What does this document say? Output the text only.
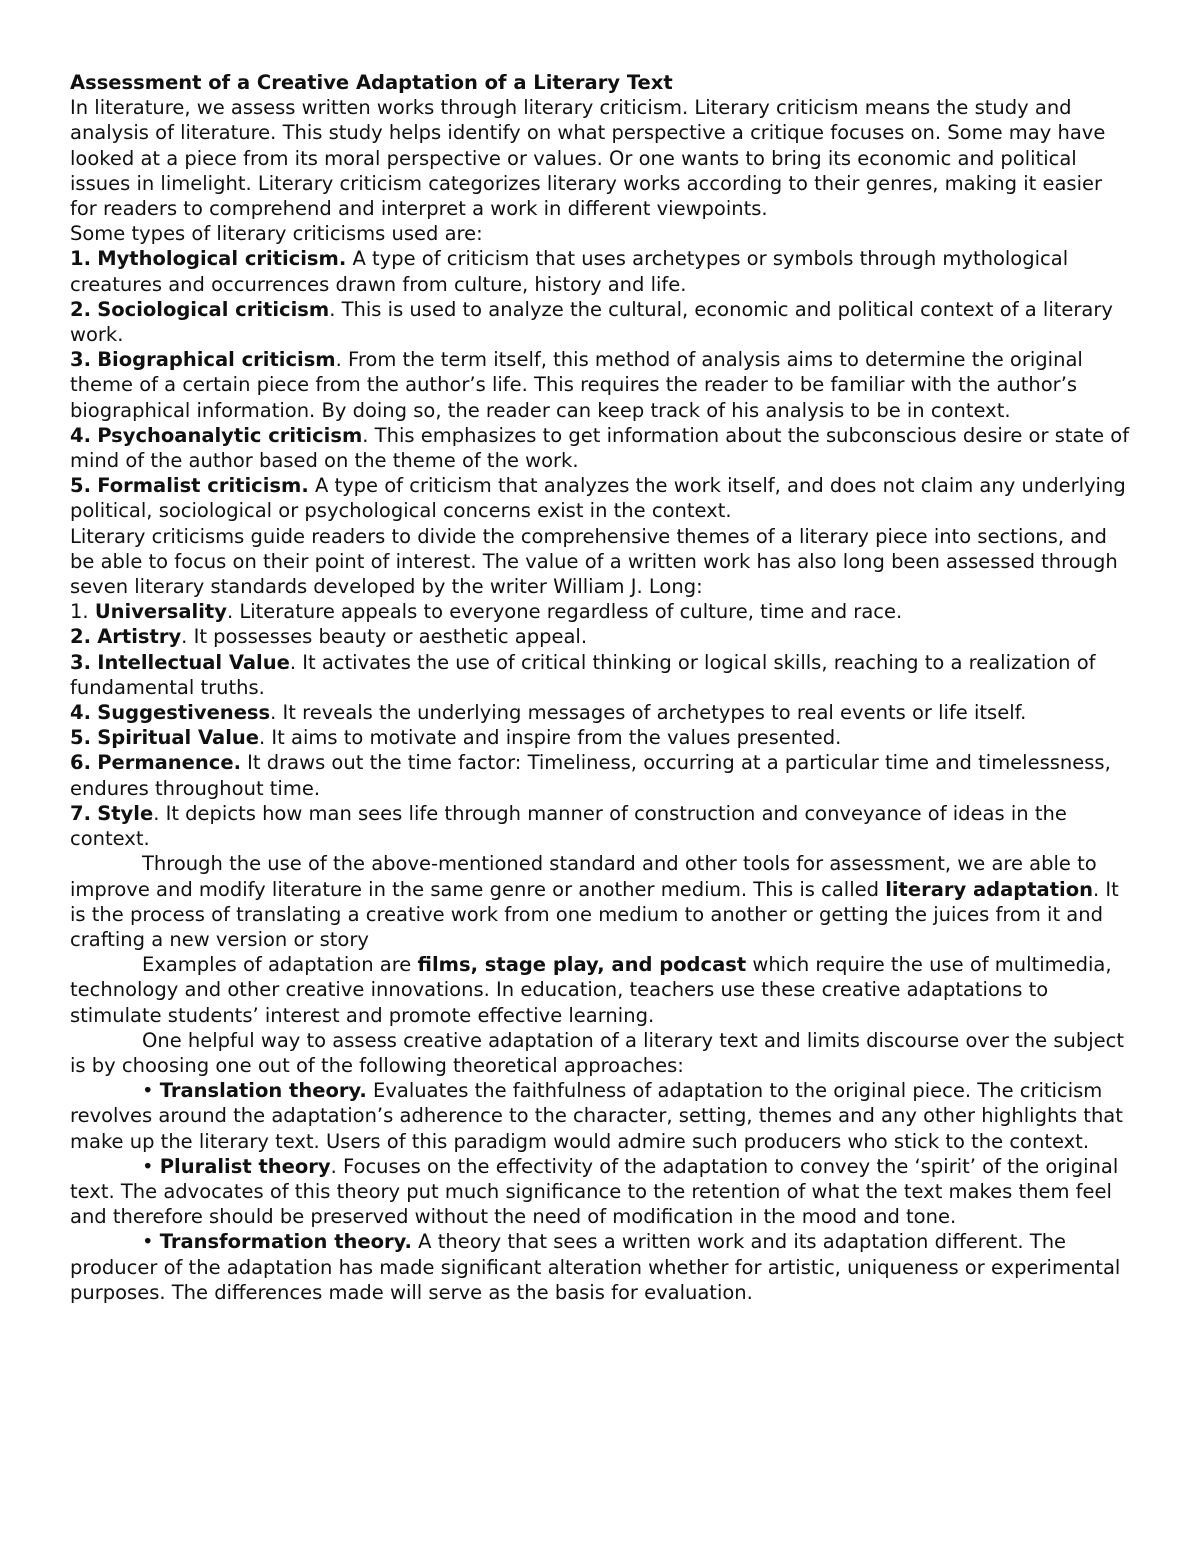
Assessment of a Creative Adaptation of a Literary Text

In literature, we assess written works through literary criticism. Literary criticism means the study and analysis of literature. This study helps identify on what perspective a critique focuses on. Some may have looked at a piece from its moral perspective or values. Or one wants to bring its economic and political issues in limelight. Literary criticism categorizes literary works according to their genres, making it easier for readers to comprehend and interpret a work in different viewpoints.

Some types of literary criticisms used are:

1. Mythological criticism. A type of criticism that uses archetypes or symbols through mythological creatures and occurrences drawn from culture, history and life.

2. Sociological criticism. This is used to analyze the cultural, economic and political context of a literary work.

3. Biographical criticism. From the term itself, this method of analysis aims to determine the original theme of a certain piece from the author’s life. This requires the reader to be familiar with the author’s biographical information. By doing so, the reader can keep track of his analysis to be in context.

4. Psychoanalytic criticism. This emphasizes to get information about the subconscious desire or state of mind of the author based on the theme of the work.

5. Formalist criticism. A type of criticism that analyzes the work itself, and does not claim any underlying political, sociological or psychological concerns exist in the context.

Literary criticisms guide readers to divide the comprehensive themes of a literary piece into sections, and be able to focus on their point of interest. The value of a written work has also long been assessed through seven literary standards developed by the writer William J. Long:

1. Universality. Literature appeals to everyone regardless of culture, time and race.

2. Artistry. It possesses beauty or aesthetic appeal.

3. Intellectual Value. It activates the use of critical thinking or logical skills, reaching to a realization of fundamental truths.

4. Suggestiveness. It reveals the underlying messages of archetypes to real events or life itself.

5. Spiritual Value. It aims to motivate and inspire from the values presented.

6. Permanence. It draws out the time factor: Timeliness, occurring at a particular time and timelessness, endures throughout time.

7. Style. It depicts how man sees life through manner of construction and conveyance of ideas in the context.

Through the use of the above-mentioned standard and other tools for assessment, we are able to improve and modify literature in the same genre or another medium. This is called literary adaptation. It is the process of translating a creative work from one medium to another or getting the juices from it and crafting a new version or story

Examples of adaptation are films, stage play, and podcast which require the use of multimedia, technology and other creative innovations. In education, teachers use these creative adaptations to stimulate students’ interest and promote effective learning.

One helpful way to assess creative adaptation of a literary text and limits discourse over the subject is by choosing one out of the following theoretical approaches:

• Translation theory. Evaluates the faithfulness of adaptation to the original piece. The criticism revolves around the adaptation’s adherence to the character, setting, themes and any other highlights that make up the literary text. Users of this paradigm would admire such producers who stick to the context.

• Pluralist theory. Focuses on the effectivity of the adaptation to convey the ‘spirit’ of the original text. The advocates of this theory put much significance to the retention of what the text makes them feel and therefore should be preserved without the need of modification in the mood and tone.

• Transformation theory. A theory that sees a written work and its adaptation different. The producer of the adaptation has made significant alteration whether for artistic, uniqueness or experimental purposes. The differences made will serve as the basis for evaluation.
